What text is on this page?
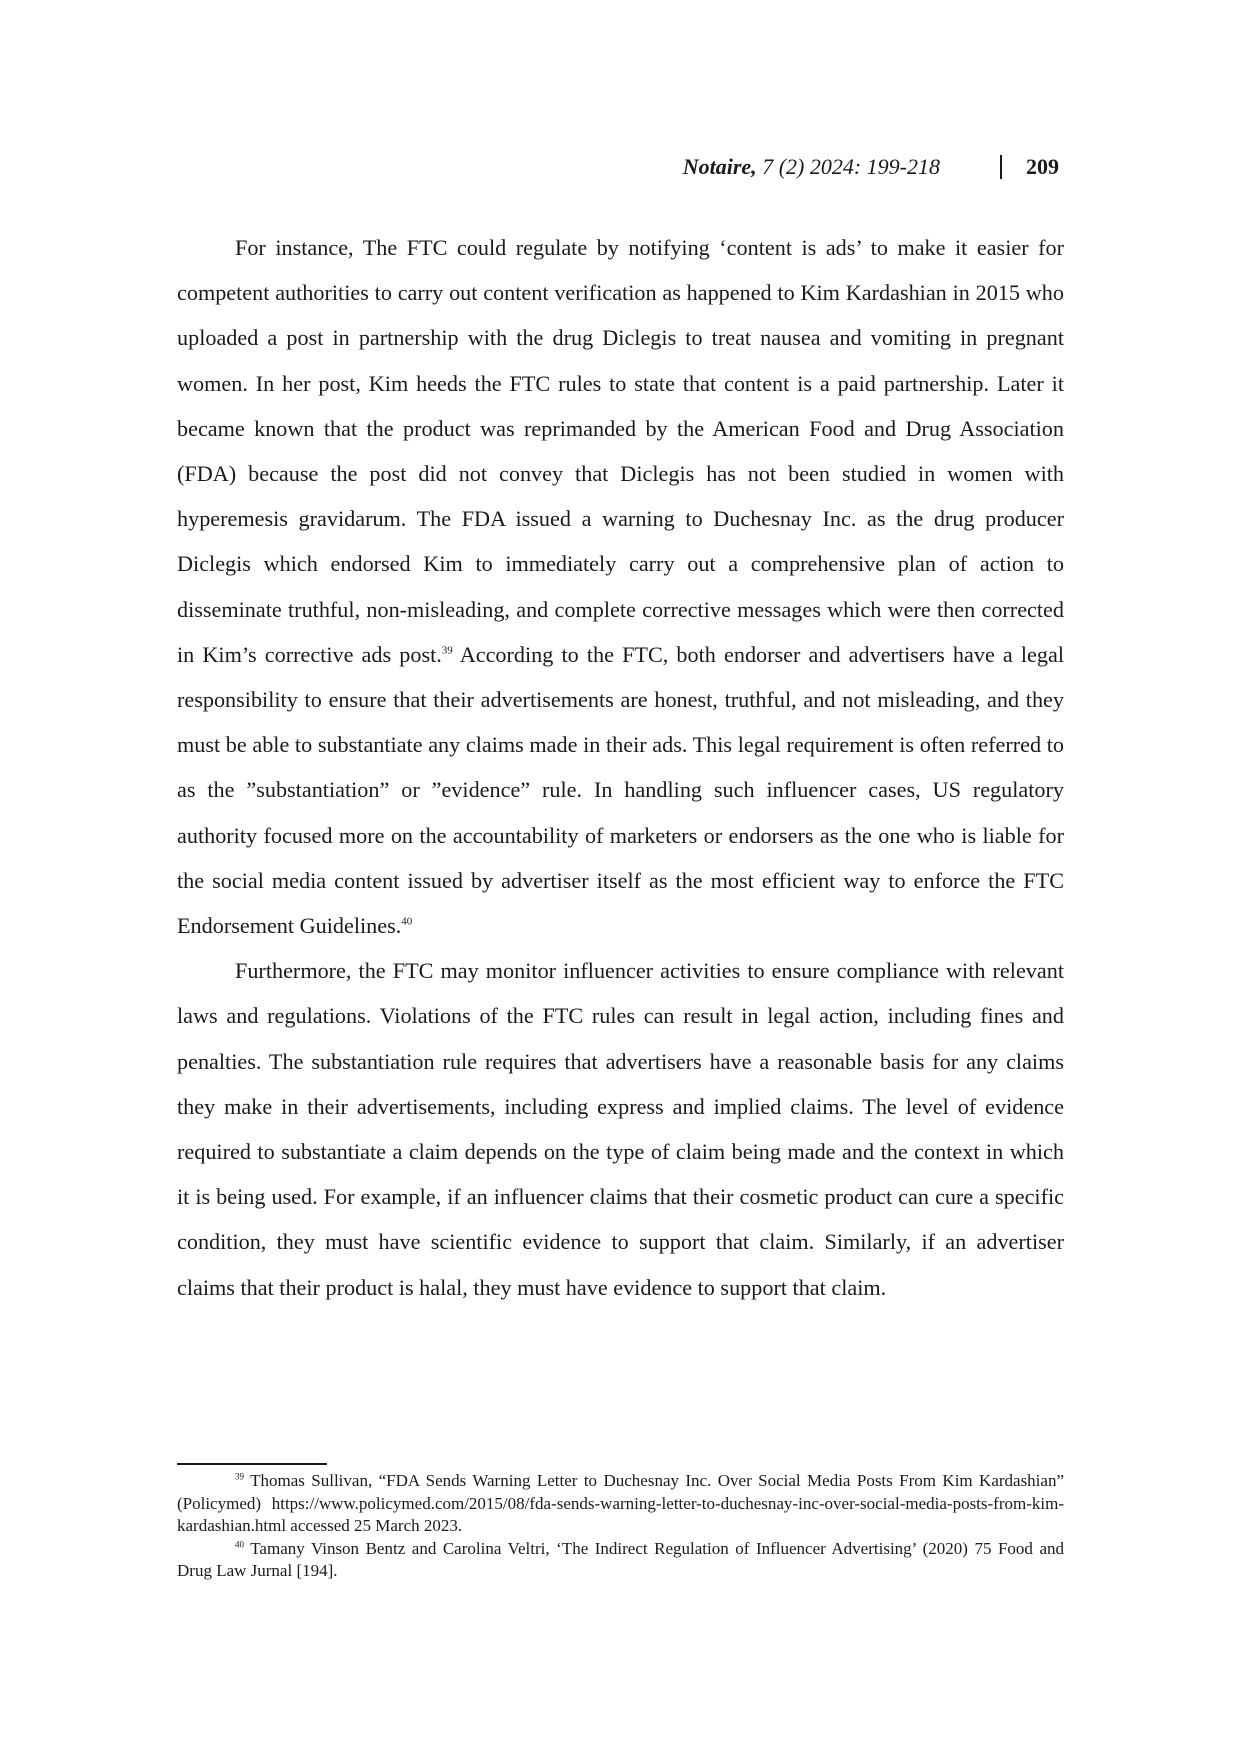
Notaire, 7 (2) 2024: 199-218	209

For instance, The FTC could regulate by notifying ‘content is ads’ to make it easier for competent authorities to carry out content verification as happened to Kim Kardashian in 2015 who uploaded a post in partnership with the drug Diclegis to treat nausea and vomiting in pregnant women. In her post, Kim heeds the FTC rules to state that content is a paid partnership. Later it became known that the product was reprimanded by the American Food and Drug Association (FDA) because the post did not convey that Diclegis has not been studied in women with hyperemesis gravidarum. The FDA issued a warning to Duchesnay Inc. as the drug producer Diclegis which endorsed Kim to immediately carry out a comprehensive plan of action to disseminate truthful, non-misleading, and complete corrective messages which were then corrected in Kim’s corrective ads post.$^{39}$ According to the FTC, both endorser and advertisers have a legal responsibility to ensure that their advertisements are honest, truthful, and not misleading, and they must be able to substantiate any claims made in their ads. This legal requirement is often referred to as the ”substantiation” or ”evidence” rule. In handling such influencer cases, US regulatory authority focused more on the accountability of marketers or endorsers as the one who is liable for the social media content issued by advertiser itself as the most efficient way to enforce the FTC Endorsement Guidelines.$^{40}$

Furthermore, the FTC may monitor influencer activities to ensure compliance with relevant laws and regulations. Violations of the FTC rules can result in legal action, including fines and penalties. The substantiation rule requires that advertisers have a reasonable basis for any claims they make in their advertisements, including express and implied claims. The level of evidence required to substantiate a claim depends on the type of claim being made and the context in which it is being used. For example, if an influencer claims that their cosmetic product can cure a specific condition, they must have scientific evidence to support that claim. Similarly, if an advertiser claims that their product is halal, they must have evidence to support that claim.

$^{39}$ Thomas Sullivan, “FDA Sends Warning Letter to Duchesnay Inc. Over Social Media Posts From Kim Kardashian” (Policymed) https://www.policymed.com/2015/08/fda-sends-warning-letter-to-duchesnay-inc-over-social-media-posts-from-kim-kardashian.html accessed 25 March 2023.

$^{40}$ Tamany Vinson Bentz and Carolina Veltri, ‘The Indirect Regulation of Influencer Advertising’ (2020) 75 Food and Drug Law Jurnal [194].
